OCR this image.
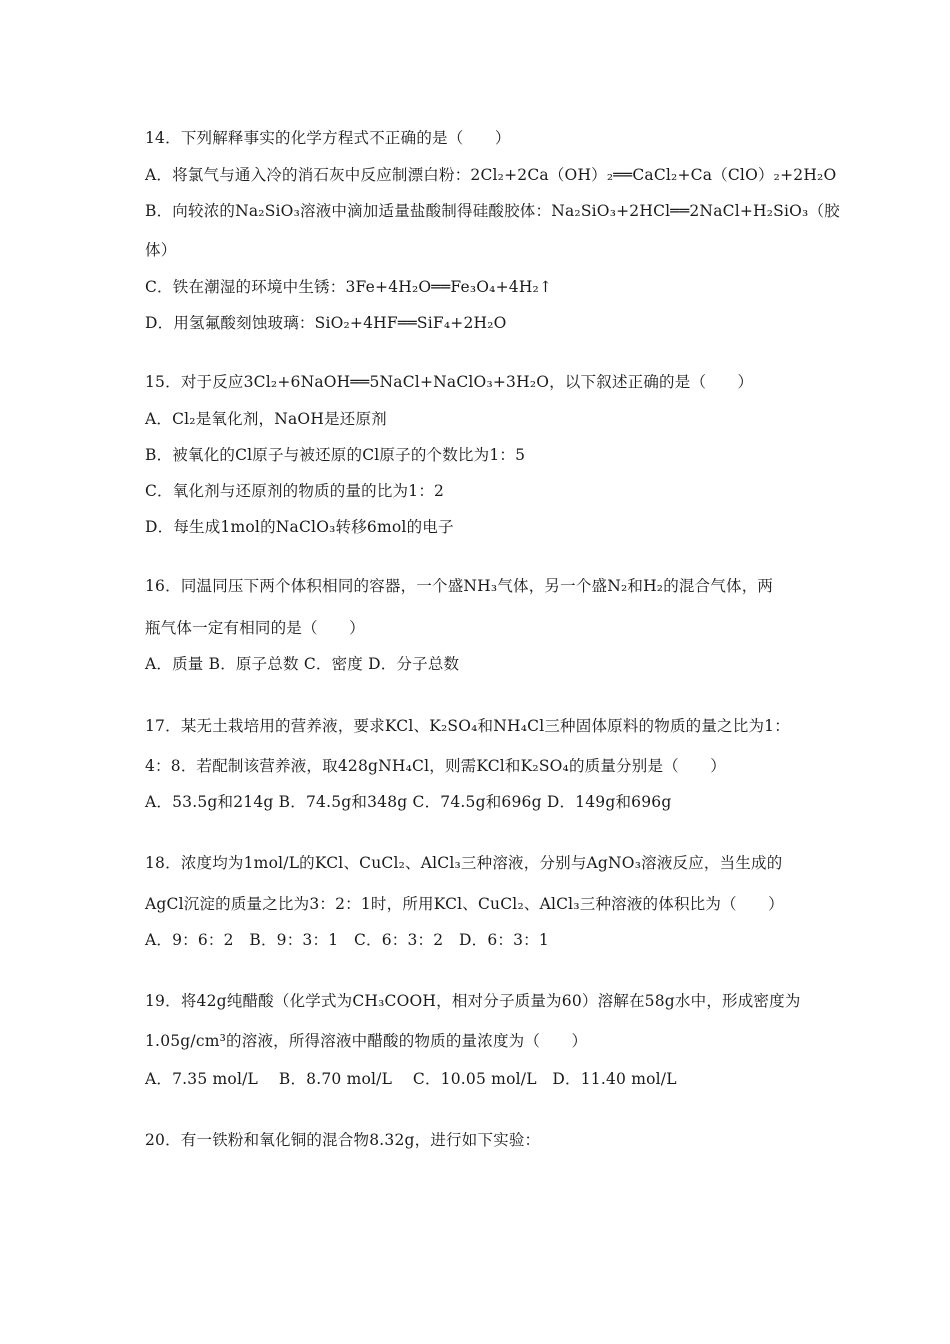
14．下列解释事实的化学方程式不正确的是（　　）
A．将氯气与通入冷的消石灰中反应制漂白粉：2Cl₂+2Ca（OH）₂══CaCl₂+Ca（ClO）₂+2H₂O
B．向较浓的Na₂SiO₃溶液中滴加适量盐酸制得硅酸胶体：Na₂SiO₃+2HCl══2NaCl+H₂SiO₃（胶
体）
C．铁在潮湿的环境中生锈：3Fe+4H₂O══Fe₃O₄+4H₂↑
D．用氢氟酸刻蚀玻璃：SiO₂+4HF══SiF₄+2H₂O
15．对于反应3Cl₂+6NaOH══5NaCl+NaClO₃+3H₂O，以下叙述正确的是（　　）
A．Cl₂是氧化剂，NaOH是还原剂
B．被氧化的Cl原子与被还原的Cl原子的个数比为1：5
C．氧化剂与还原剂的物质的量的比为1：2
D．每生成1mol的NaClO₃转移6mol的电子
16．同温同压下两个体积相同的容器，一个盛NH₃气体，另一个盛N₂和H₂的混合气体，两
瓶气体一定有相同的是（　　）
A．质量 B．原子总数 C．密度 D．分子总数
17．某无土栽培用的营养液，要求KCl、K₂SO₄和NH₄Cl三种固体原料的物质的量之比为1：
4：8．若配制该营养液，取428gNH₄Cl，则需KCl和K₂SO₄的质量分别是（　　）
A．53.5g和214g B．74.5g和348g C．74.5g和696g D．149g和696g
18．浓度均为1mol/L的KCl、CuCl₂、AlCl₃三种溶液，分别与AgNO₃溶液反应，当生成的
AgCl沉淀的质量之比为3：2：1时，所用KCl、CuCl₂、AlCl₃三种溶液的体积比为（　　）
A．9：6：2　B．9：3：1　C．6：3：2　D．6：3：1
19．将42g纯醋酸（化学式为CH₃COOH，相对分子质量为60）溶解在58g水中，形成密度为
1.05g/cm³的溶液，所得溶液中醋酸的物质的量浓度为（　　）
A．7.35 mol/L　 B．8.70 mol/L　 C．10.05 mol/L　D．11.40 mol/L
20．有一铁粉和氧化铜的混合物8.32g，进行如下实验：
